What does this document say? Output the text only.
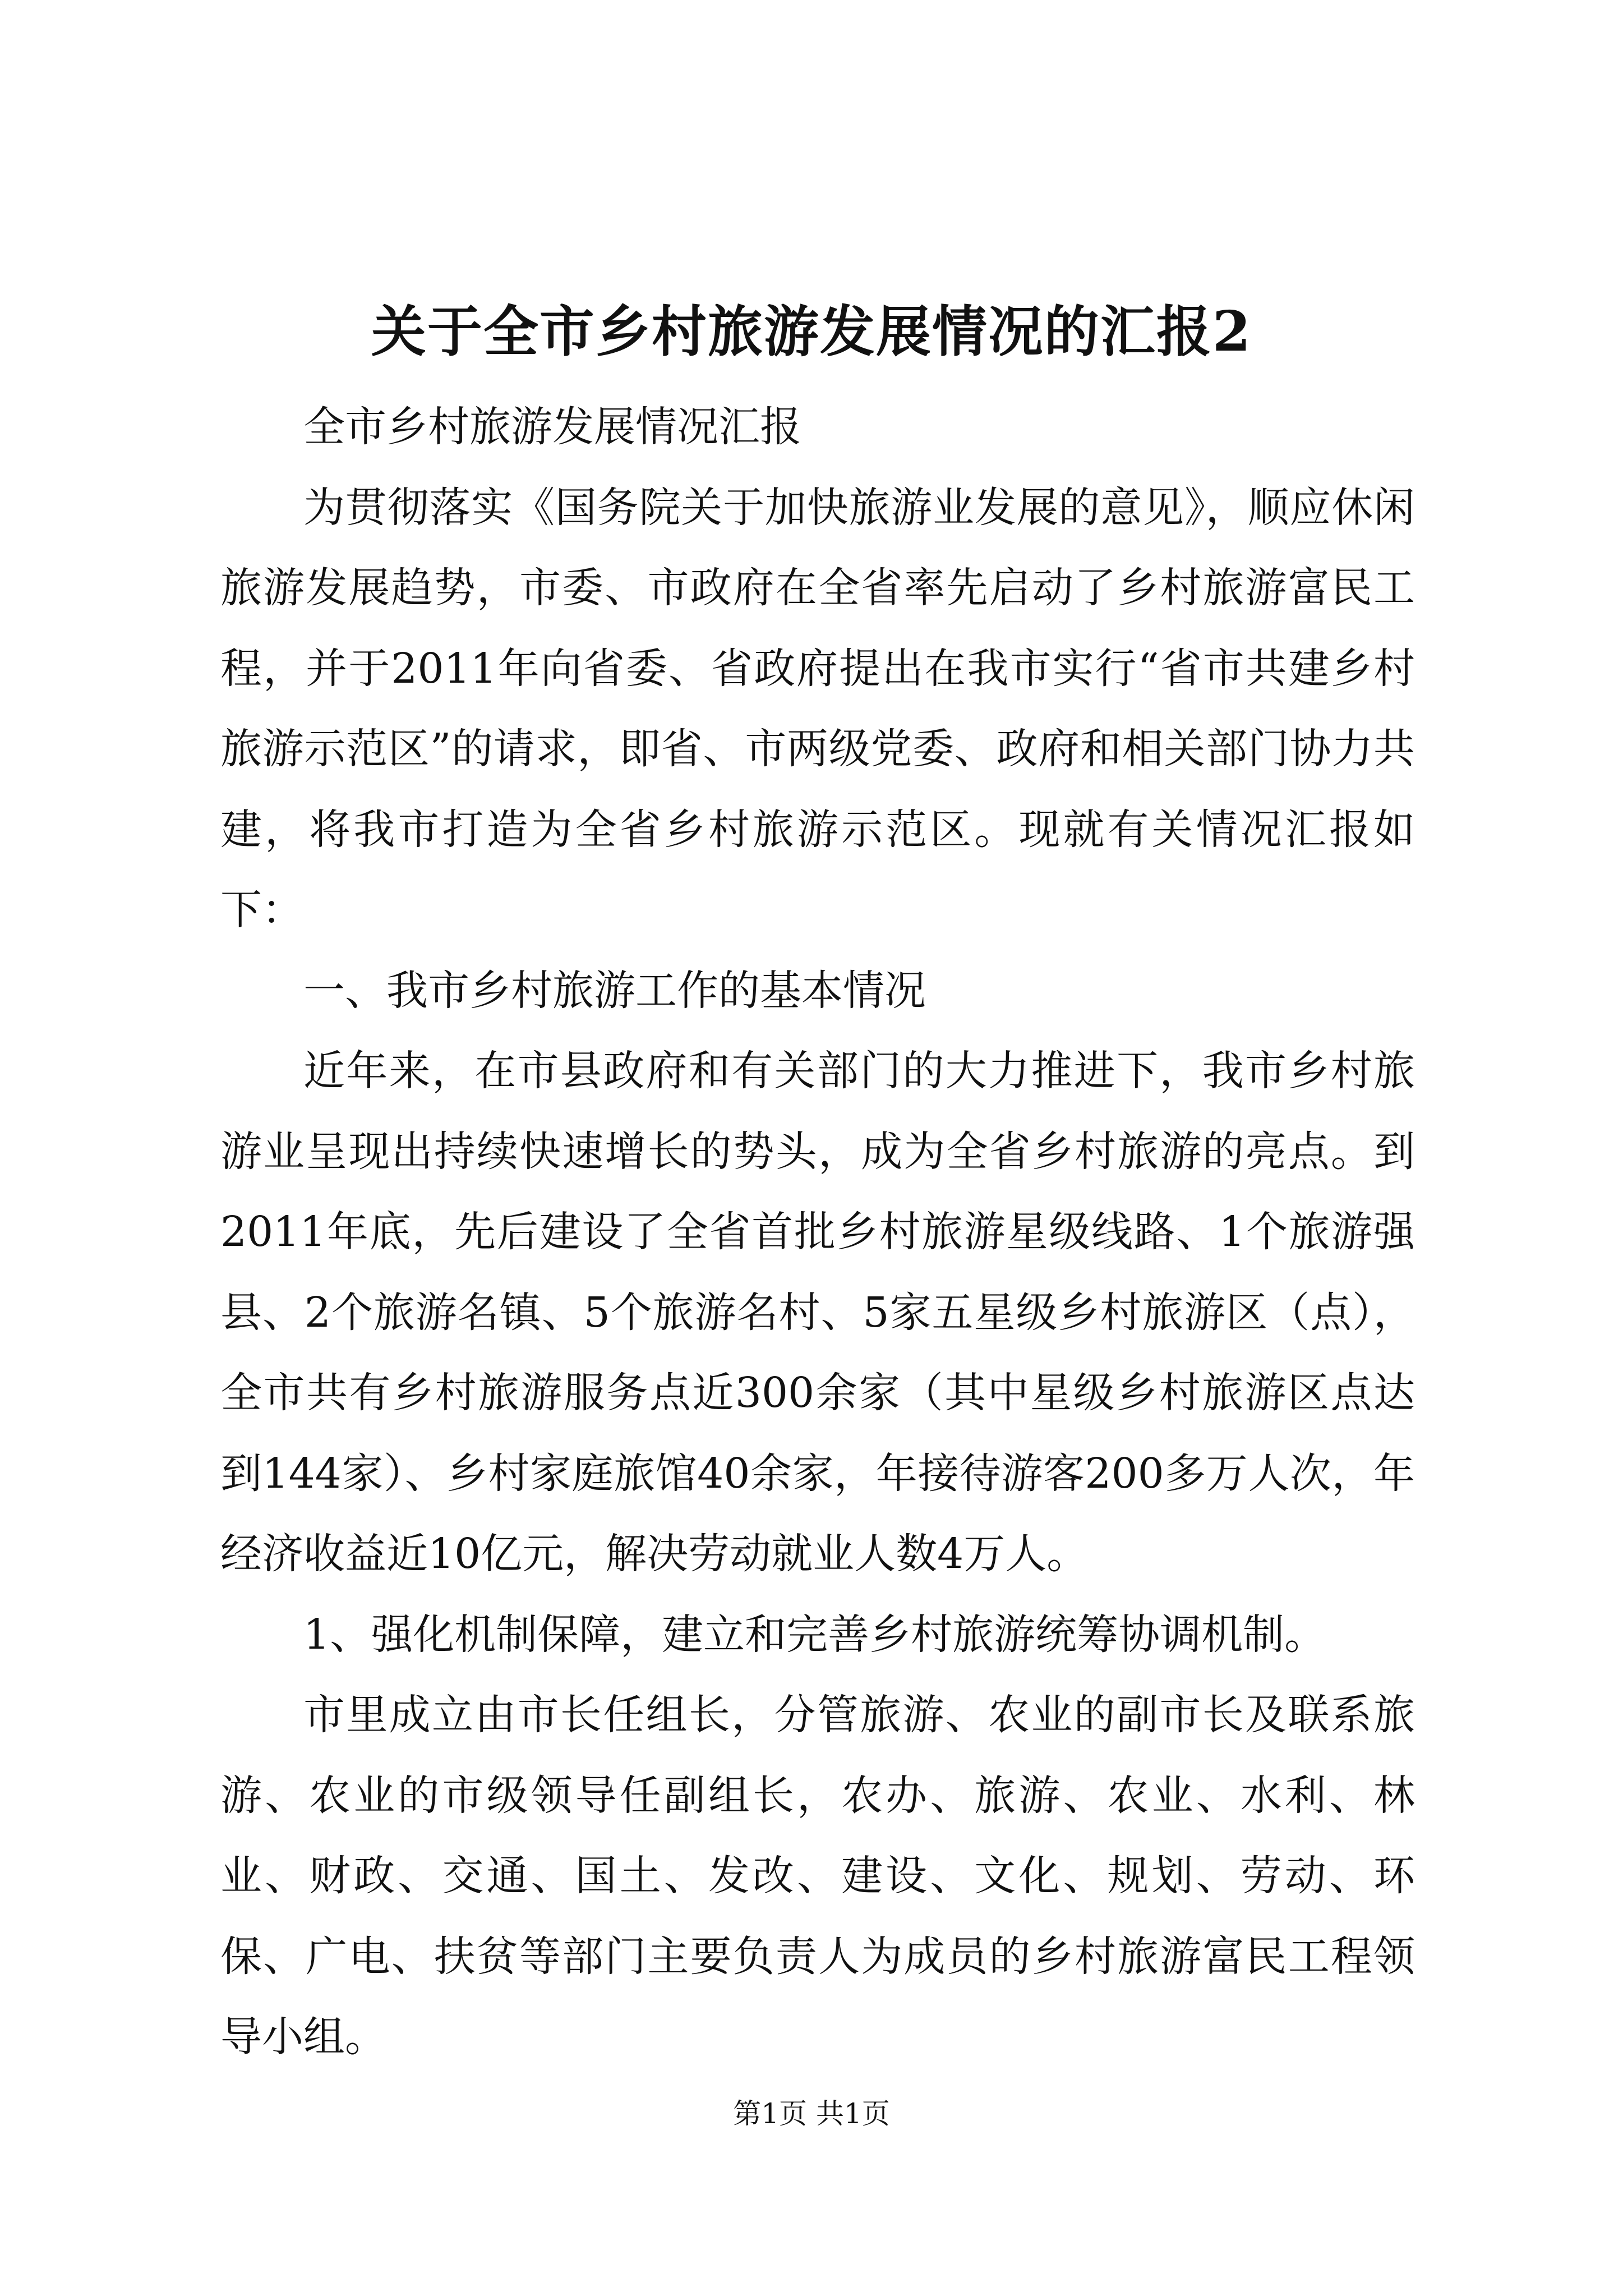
关于全市乡村旅游发展情况的汇报2

全市乡村旅游发展情况汇报

为贯彻落实《国务院关于加快旅游业发展的意见》，顺应休闲旅游发展趋势，市委、市政府在全省率先启动了乡村旅游富民工程，并于2011年向省委、省政府提出在我市实行“省市共建乡村旅游示范区”的请求，即省、市两级党委、政府和相关部门协力共建，将我市打造为全省乡村旅游示范区。现就有关情况汇报如下：

一、我市乡村旅游工作的基本情况

近年来，在市县政府和有关部门的大力推进下，我市乡村旅游业呈现出持续快速增长的势头，成为全省乡村旅游的亮点。到2011年底，先后建设了全省首批乡村旅游星级线路、1个旅游强县、2个旅游名镇、5个旅游名村、5家五星级乡村旅游区（点），全市共有乡村旅游服务点近300余家（其中星级乡村旅游区点达到144家）、乡村家庭旅馆40余家，年接待游客200多万人次，年经济收益近10亿元，解决劳动就业人数4万人。

1、强化机制保障，建立和完善乡村旅游统筹协调机制。

市里成立由市长任组长，分管旅游、农业的副市长及联系旅游、农业的市级领导任副组长，农办、旅游、农业、水利、林业、财政、交通、国土、发改、建设、文化、规划、劳动、环保、广电、扶贫等部门主要负责人为成员的乡村旅游富民工程领导小组。

第1页 共1页
